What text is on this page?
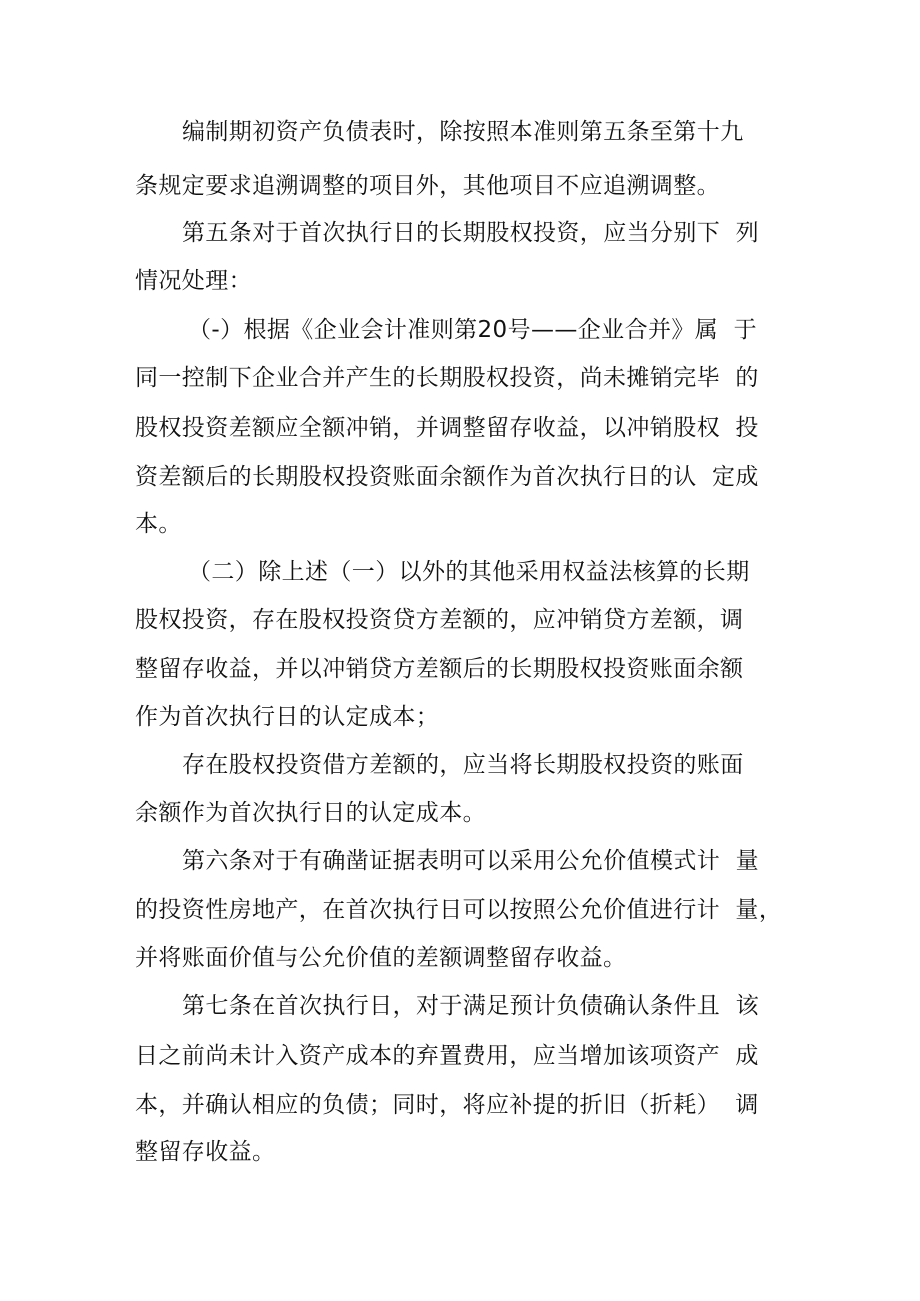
编制期初资产负债表时，除按照本准则第五条至第十九

条规定要求追溯调整的项目外，其他项目不应追溯调整。

第五条对于首次执行日的长期股权投资，应当分别下  列

情况处理：

（-）根据《企业会计准则第20号——企业合并》属  于

同一控制下企业合并产生的长期股权投资，尚未摊销完毕  的

股权投资差额应全额冲销，并调整留存收益，以冲销股权  投

资差额后的长期股权投资账面余额作为首次执行日的认  定成

本。

（二）除上述（一）以外的其他采用权益法核算的长期

股权投资，存在股权投资贷方差额的，应冲销贷方差额，调

整留存收益，并以冲销贷方差额后的长期股权投资账面余额

作为首次执行日的认定成本；

存在股权投资借方差额的，应当将长期股权投资的账面

余额作为首次执行日的认定成本。

第六条对于有确凿证据表明可以采用公允价值模式计  量

的投资性房地产，在首次执行日可以按照公允价值进行计  量，

并将账面价值与公允价值的差额调整留存收益。

第七条在首次执行日，对于满足预计负债确认条件且  该

日之前尚未计入资产成本的弃置费用，应当增加该项资产  成

本，并确认相应的负债；同时，将应补提的折旧（折耗）  调

整留存收益。
